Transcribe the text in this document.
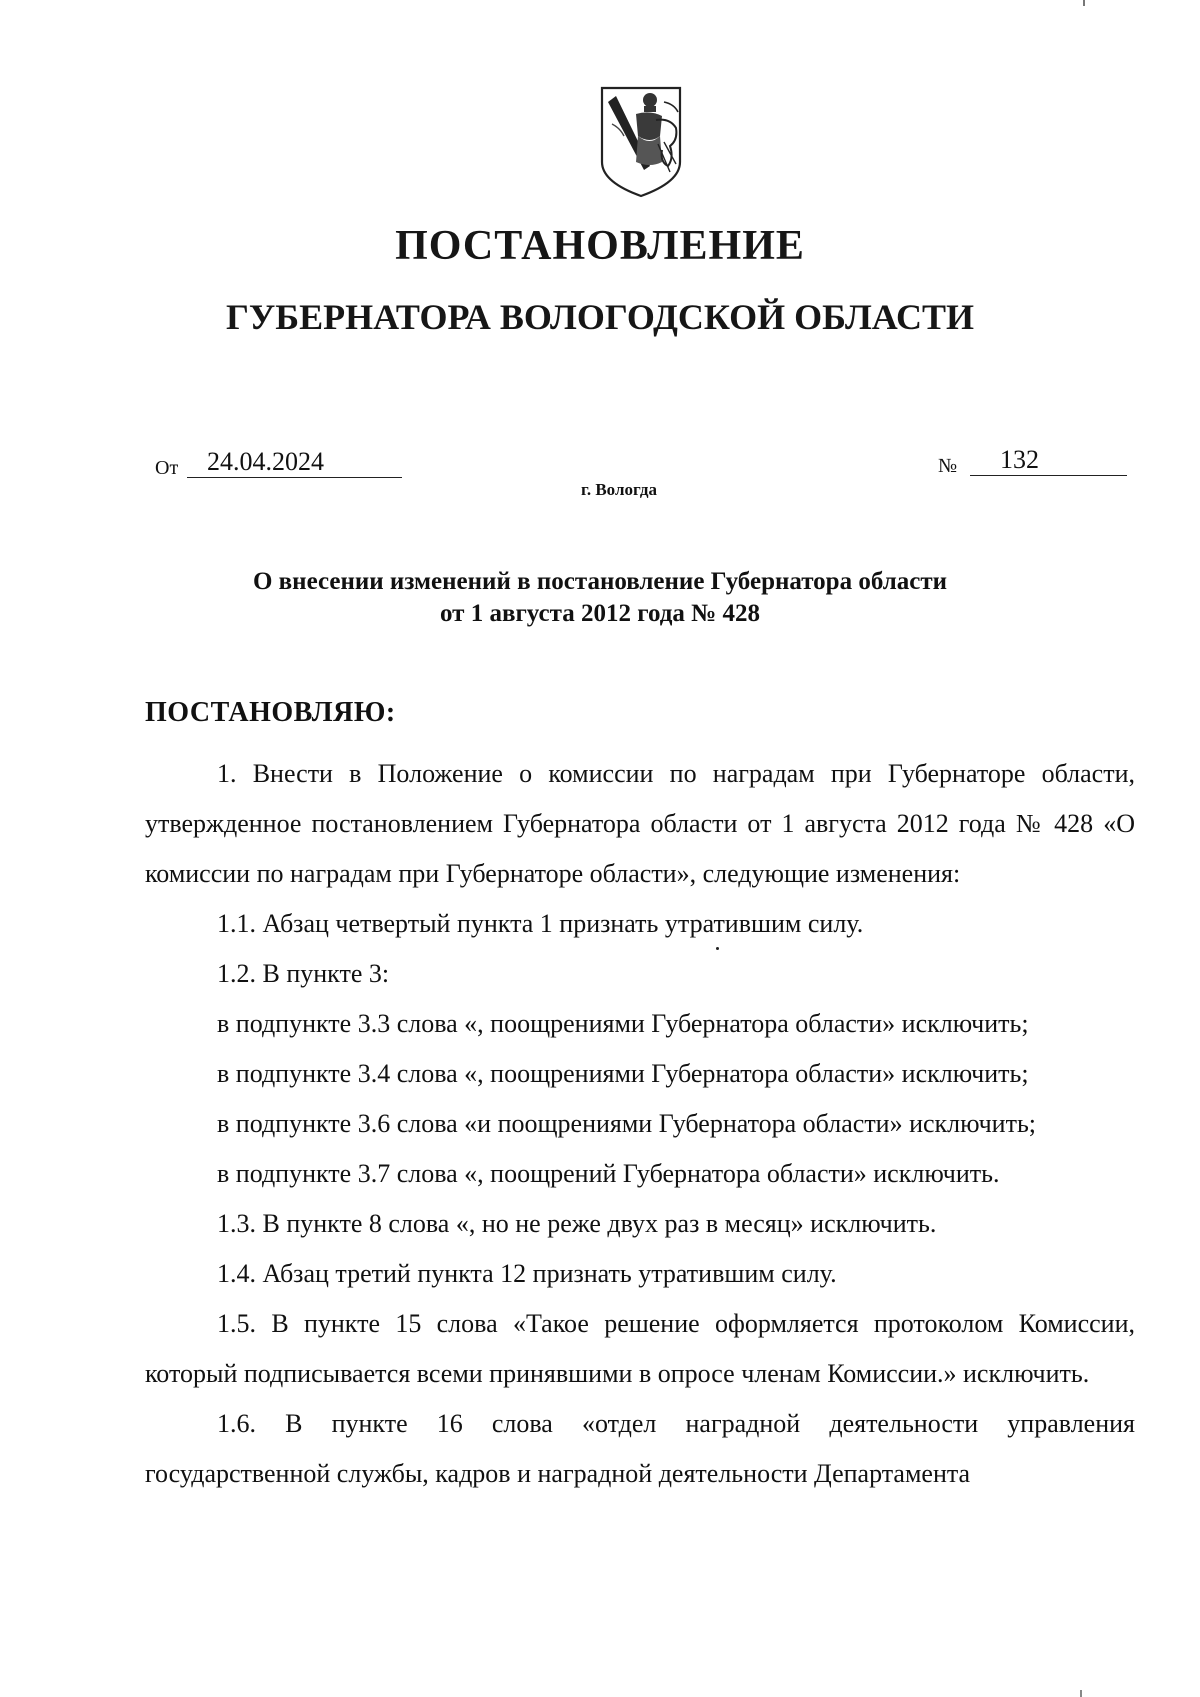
ПОСТАНОВЛЕНИЕ
ГУБЕРНАТОРА ВОЛОГОДСКОЙ ОБЛАСТИ
От	24.04.2024	№	132
г. Вологда
О внесении изменений в постановление Губернатора области
от 1 августа 2012 года № 428
ПОСТАНОВЛЯЮ:

1. Внести в Положение о комиссии по наградам при Губернаторе области, утвержденное постановлением Губернатора области от 1 августа 2012 года № 428 «О комиссии по наградам при Губернаторе области», следующие изменения:

1.1. Абзац четвертый пункта 1 признать утратившим силу.

1.2. В пункте 3:

в подпункте 3.3 слова «, поощрениями Губернатора области» исключить;

в подпункте 3.4 слова «, поощрениями Губернатора области» исключить;

в подпункте 3.6 слова «и поощрениями Губернатора области» исключить;

в подпункте 3.7 слова «, поощрений Губернатора области» исключить.

1.3. В пункте 8 слова «, но не реже двух раз в месяц» исключить.

1.4. Абзац третий пункта 12 признать утратившим силу.

1.5. В пункте 15 слова «Такое решение оформляется протоколом Комиссии, который подписывается всеми принявшими в опросе членам Комиссии.» исключить.

1.6. В пункте 16 слова «отдел наградной деятельности управления государственной службы, кадров и наградной деятельности Департамента
